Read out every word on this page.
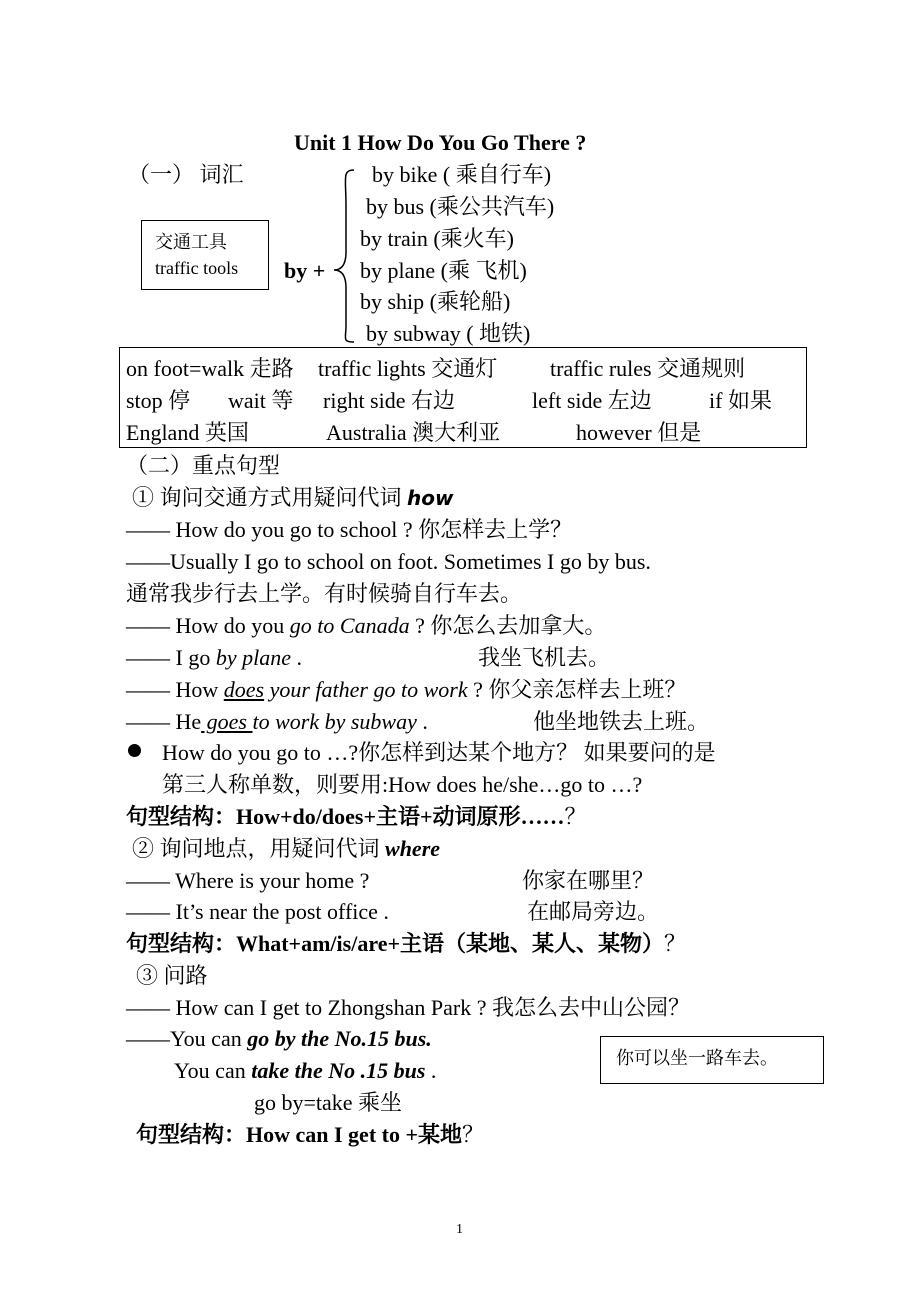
Unit 1 How Do You Go There ?
（一） 词汇
交通工具
traffic tools by +
by bike ( 乘自行车)
by bus (乘公共汽车)
by train (乘火车)
by plane (乘 飞机)
by ship (乘轮船)
by subway ( 地铁)
on foot=walk 走路 traffic lights 交通灯 traffic rules 交通规则
stop 停 wait 等 right side 右边	left side 左边	if 如果
England 英国	Australia 澳大利亚	however 但是
（二）重点句型
① 询问交通方式用疑问代词 how
—— How do you go to school ? 你怎样去上学？
——Usually I go to school on foot. Sometimes I go by bus.
通常我步行去上学。有时候骑自行车去。
—— How do you go to Canada ? 你怎么去加拿大。
—— I go by plane .	我坐飞机去。
—— How does your father go to work ? 你父亲怎样去上班？
—— He goes to work by subway .	他坐地铁去上班。
How do you go to …?你怎样到达某个地方？ 如果要问的是
第三人称单数，则要用:How does he/she…go to …?
句型结构：How+do/does+主语+动词原形……？
② 询问地点，用疑问代词 where
—— Where is your home ?	你家在哪里？
—— It’s near the post office .	在邮局旁边。
句型结构：What+am/is/are+主语（某地、某人、某物）？
③ 问路
—— How can I get to Zhongshan Park ? 我怎么去中山公园？
——You can go by the No.15 bus.
You can take the No .15 bus .
go by=take 乘坐
你可以坐一路车去。
句型结构：How can I get to +某地？
1
